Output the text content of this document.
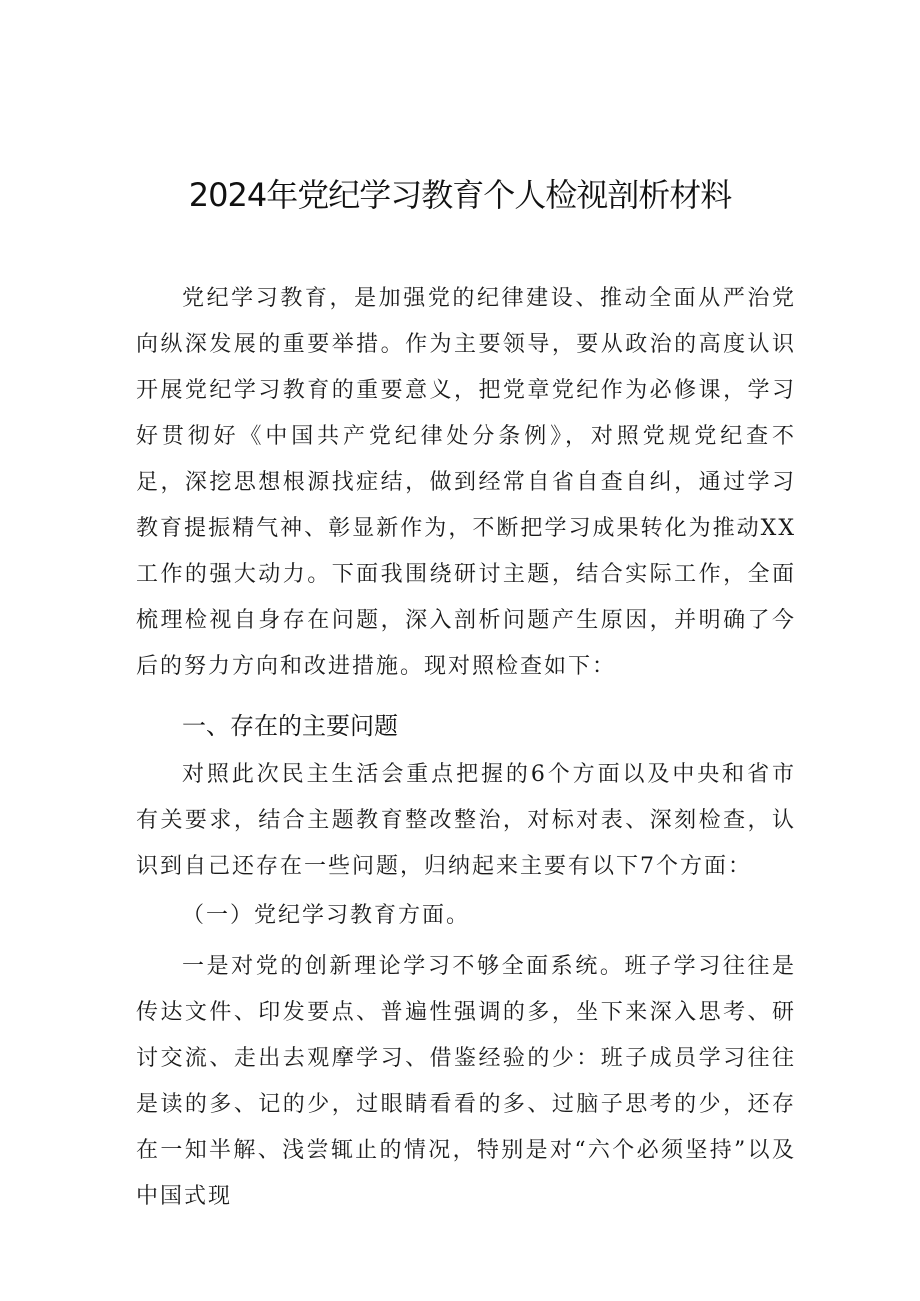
2024年党纪学习教育个人检视剖析材料

党纪学习教育，是加强党的纪律建设、推动全面从严治党向纵深发展的重要举措。作为主要领导，要从政治的高度认识开展党纪学习教育的重要意义，把党章党纪作为必修课，学习好贯彻好《中国共产党纪律处分条例》，对照党规党纪查不足，深挖思想根源找症结，做到经常自省自查自纠，通过学习教育提振精气神、彰显新作为，不断把学习成果转化为推动XX工作的强大动力。下面我围绕研讨主题，结合实际工作，全面梳理检视自身存在问题，深入剖析问题产生原因，并明确了今后的努力方向和改进措施。现对照检查如下：

一、存在的主要问题

对照此次民主生活会重点把握的6个方面以及中央和省市有关要求，结合主题教育整改整治，对标对表、深刻检查，认识到自己还存在一些问题，归纳起来主要有以下7个方面：

（一）党纪学习教育方面。

一是对党的创新理论学习不够全面系统。班子学习往往是传达文件、印发要点、普遍性强调的多，坐下来深入思考、研讨交流、走出去观摩学习、借鉴经验的少：班子成员学习往往是读的多、记的少，过眼睛看看的多、过脑子思考的少，还存在一知半解、浅尝辄止的情况，特别是对“六个必须坚持”以及中国式现
